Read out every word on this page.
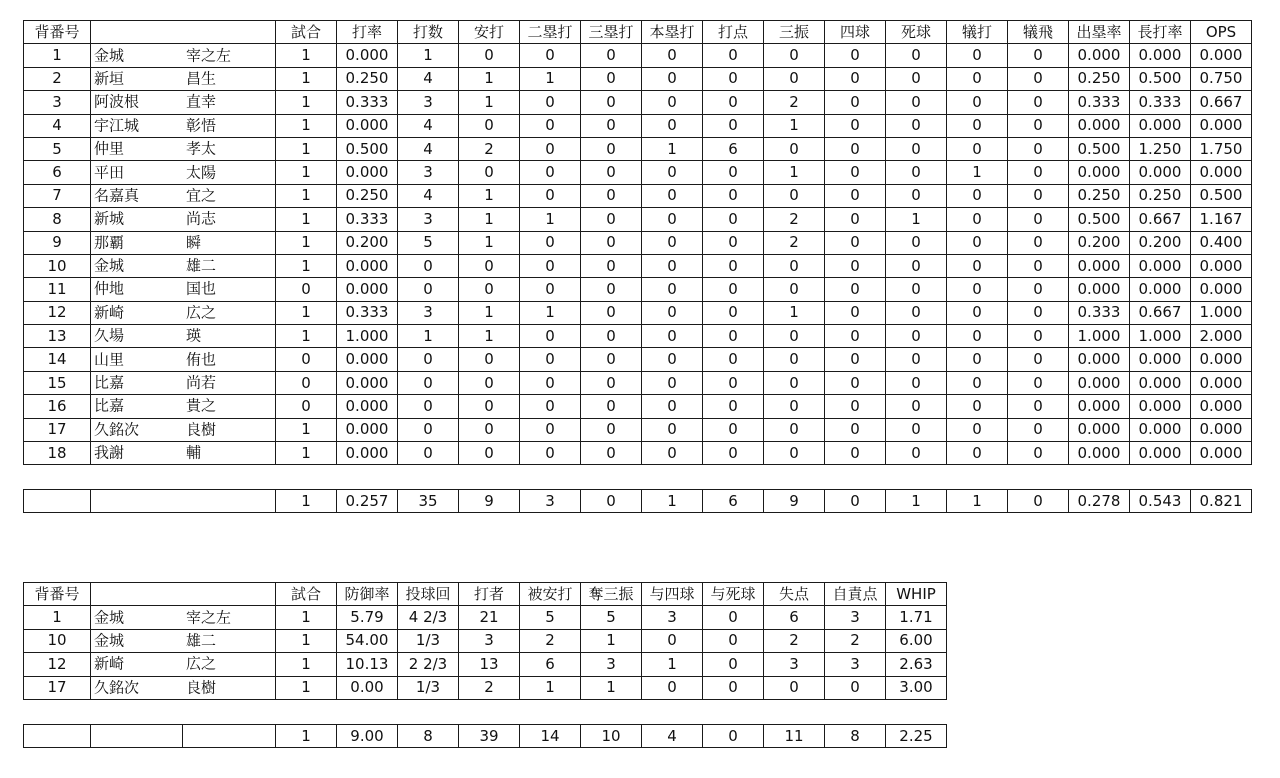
背番号		試合	打率	打数	安打	二塁打	三塁打	本塁打	打点	三振	四球	死球	犠打	犠飛	出塁率	長打率	OPS
1	金城 宰之左	1	0.000	1	0	0	0	0	0	0	0	0	0	0	0.000	0.000	0.000
2	新垣 昌生	1	0.250	4	1	1	0	0	0	0	0	0	0	0	0.250	0.500	0.750
3	阿波根 直幸	1	0.333	3	1	0	0	0	0	2	0	0	0	0	0.333	0.333	0.667
4	宇江城 彰悟	1	0.000	4	0	0	0	0	0	1	0	0	0	0	0.000	0.000	0.000
5	仲里 孝太	1	0.500	4	2	0	0	1	6	0	0	0	0	0	0.500	1.250	1.750
6	平田 太陽	1	0.000	3	0	0	0	0	0	1	0	0	1	0	0.000	0.000	0.000
7	名嘉真 宜之	1	0.250	4	1	0	0	0	0	0	0	0	0	0	0.250	0.250	0.500
8	新城 尚志	1	0.333	3	1	1	0	0	0	2	0	1	0	0	0.500	0.667	1.167
9	那覇 瞬	1	0.200	5	1	0	0	0	0	2	0	0	0	0	0.200	0.200	0.400
10	金城 雄二	1	0.000	0	0	0	0	0	0	0	0	0	0	0	0.000	0.000	0.000
11	仲地 国也	0	0.000	0	0	0	0	0	0	0	0	0	0	0	0.000	0.000	0.000
12	新崎 広之	1	0.333	3	1	1	0	0	0	1	0	0	0	0	0.333	0.667	1.000
13	久場 瑛	1	1.000	1	1	0	0	0	0	0	0	0	0	0	1.000	1.000	2.000
14	山里 侑也	0	0.000	0	0	0	0	0	0	0	0	0	0	0	0.000	0.000	0.000
15	比嘉 尚若	0	0.000	0	0	0	0	0	0	0	0	0	0	0	0.000	0.000	0.000
16	比嘉 貴之	0	0.000	0	0	0	0	0	0	0	0	0	0	0	0.000	0.000	0.000
17	久銘次 良樹	1	0.000	0	0	0	0	0	0	0	0	0	0	0	0.000	0.000	0.000
18	我謝 輔	1	0.000	0	0	0	0	0	0	0	0	0	0	0	0.000	0.000	0.000
		1	0.257	35	9	3	0	1	6	9	0	1	1	0	0.278	0.543	0.821
背番号		試合	防御率	投球回	打者	被安打	奪三振	与四球	与死球	失点	自責点	WHIP
1	金城 宰之左	1	5.79	4 2/3	21	5	5	3	0	6	3	1.71
10	金城 雄二	1	54.00	1/3	3	2	1	0	0	2	2	6.00
12	新崎 広之	1	10.13	2 2/3	13	6	3	1	0	3	3	2.63
17	久銘次 良樹	1	0.00	1/3	2	1	1	0	0	0	0	3.00
			1	9.00	8	39	14	10	4	0	11	8	2.25
